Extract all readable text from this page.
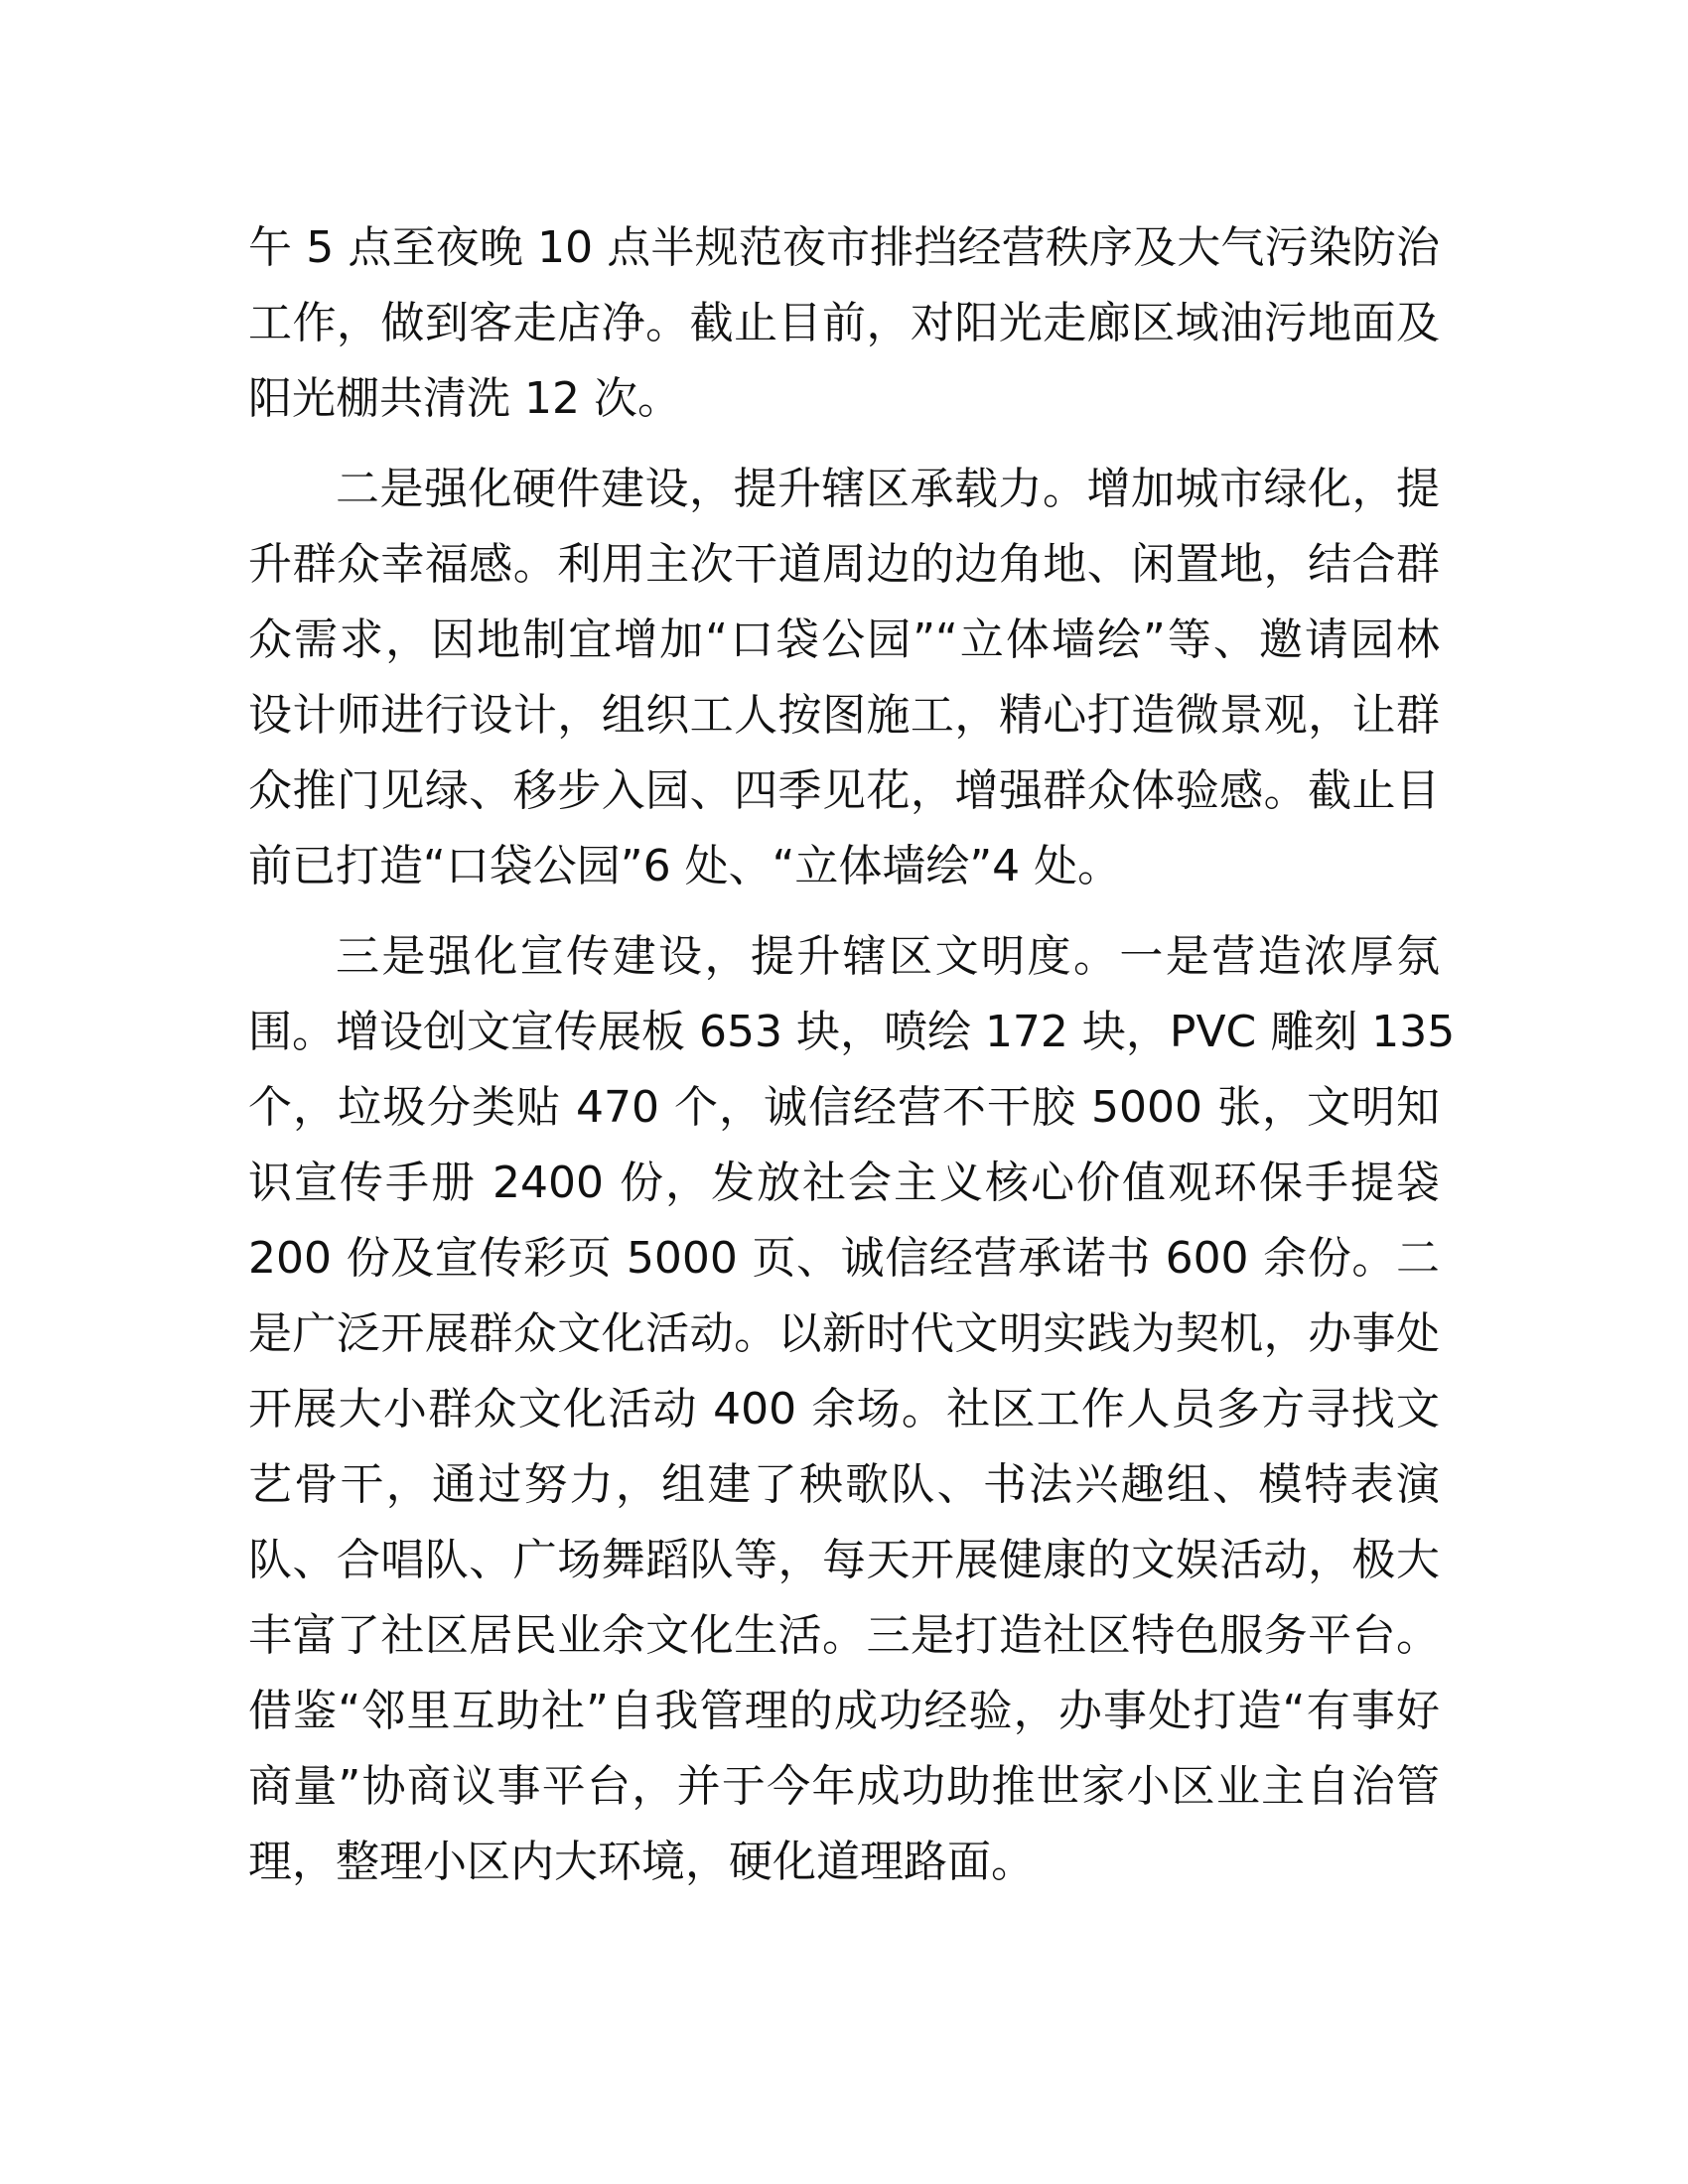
午 5 点至夜晚 10 点半规范夜市排挡经营秩序及大气污染防治

工作，做到客走店净。截止目前，对阳光走廊区域油污地面及

阳光棚共清洗 12 次。

二是强化硬件建设，提升辖区承载力。增加城市绿化，提

升群众幸福感。利用主次干道周边的边角地、闲置地，结合群

众需求，因地制宜增加“口袋公园”“立体墙绘”等、邀请园林

设计师进行设计，组织工人按图施工，精心打造微景观，让群

众推门见绿、移步入园、四季见花，增强群众体验感。截止目

前已打造“口袋公园”6 处、“立体墙绘”4 处。

三是强化宣传建设，提升辖区文明度。一是营造浓厚氛

围。增设创文宣传展板 653 块，喷绘 172 块，PVC 雕刻 135

个，垃圾分类贴 470 个，诚信经营不干胶 5000 张，文明知

识宣传手册 2400 份，发放社会主义核心价值观环保手提袋

200 份及宣传彩页 5000 页、诚信经营承诺书 600 余份。二

是广泛开展群众文化活动。以新时代文明实践为契机，办事处

开展大小群众文化活动 400 余场。社区工作人员多方寻找文

艺骨干，通过努力，组建了秧歌队、书法兴趣组、模特表演

队、合唱队、广场舞蹈队等，每天开展健康的文娱活动，极大

丰富了社区居民业余文化生活。三是打造社区特色服务平台。

借鉴“邻里互助社”自我管理的成功经验，办事处打造“有事好

商量”协商议事平台，并于今年成功助推世家小区业主自治管

理，整理小区内大环境，硬化道理路面。
